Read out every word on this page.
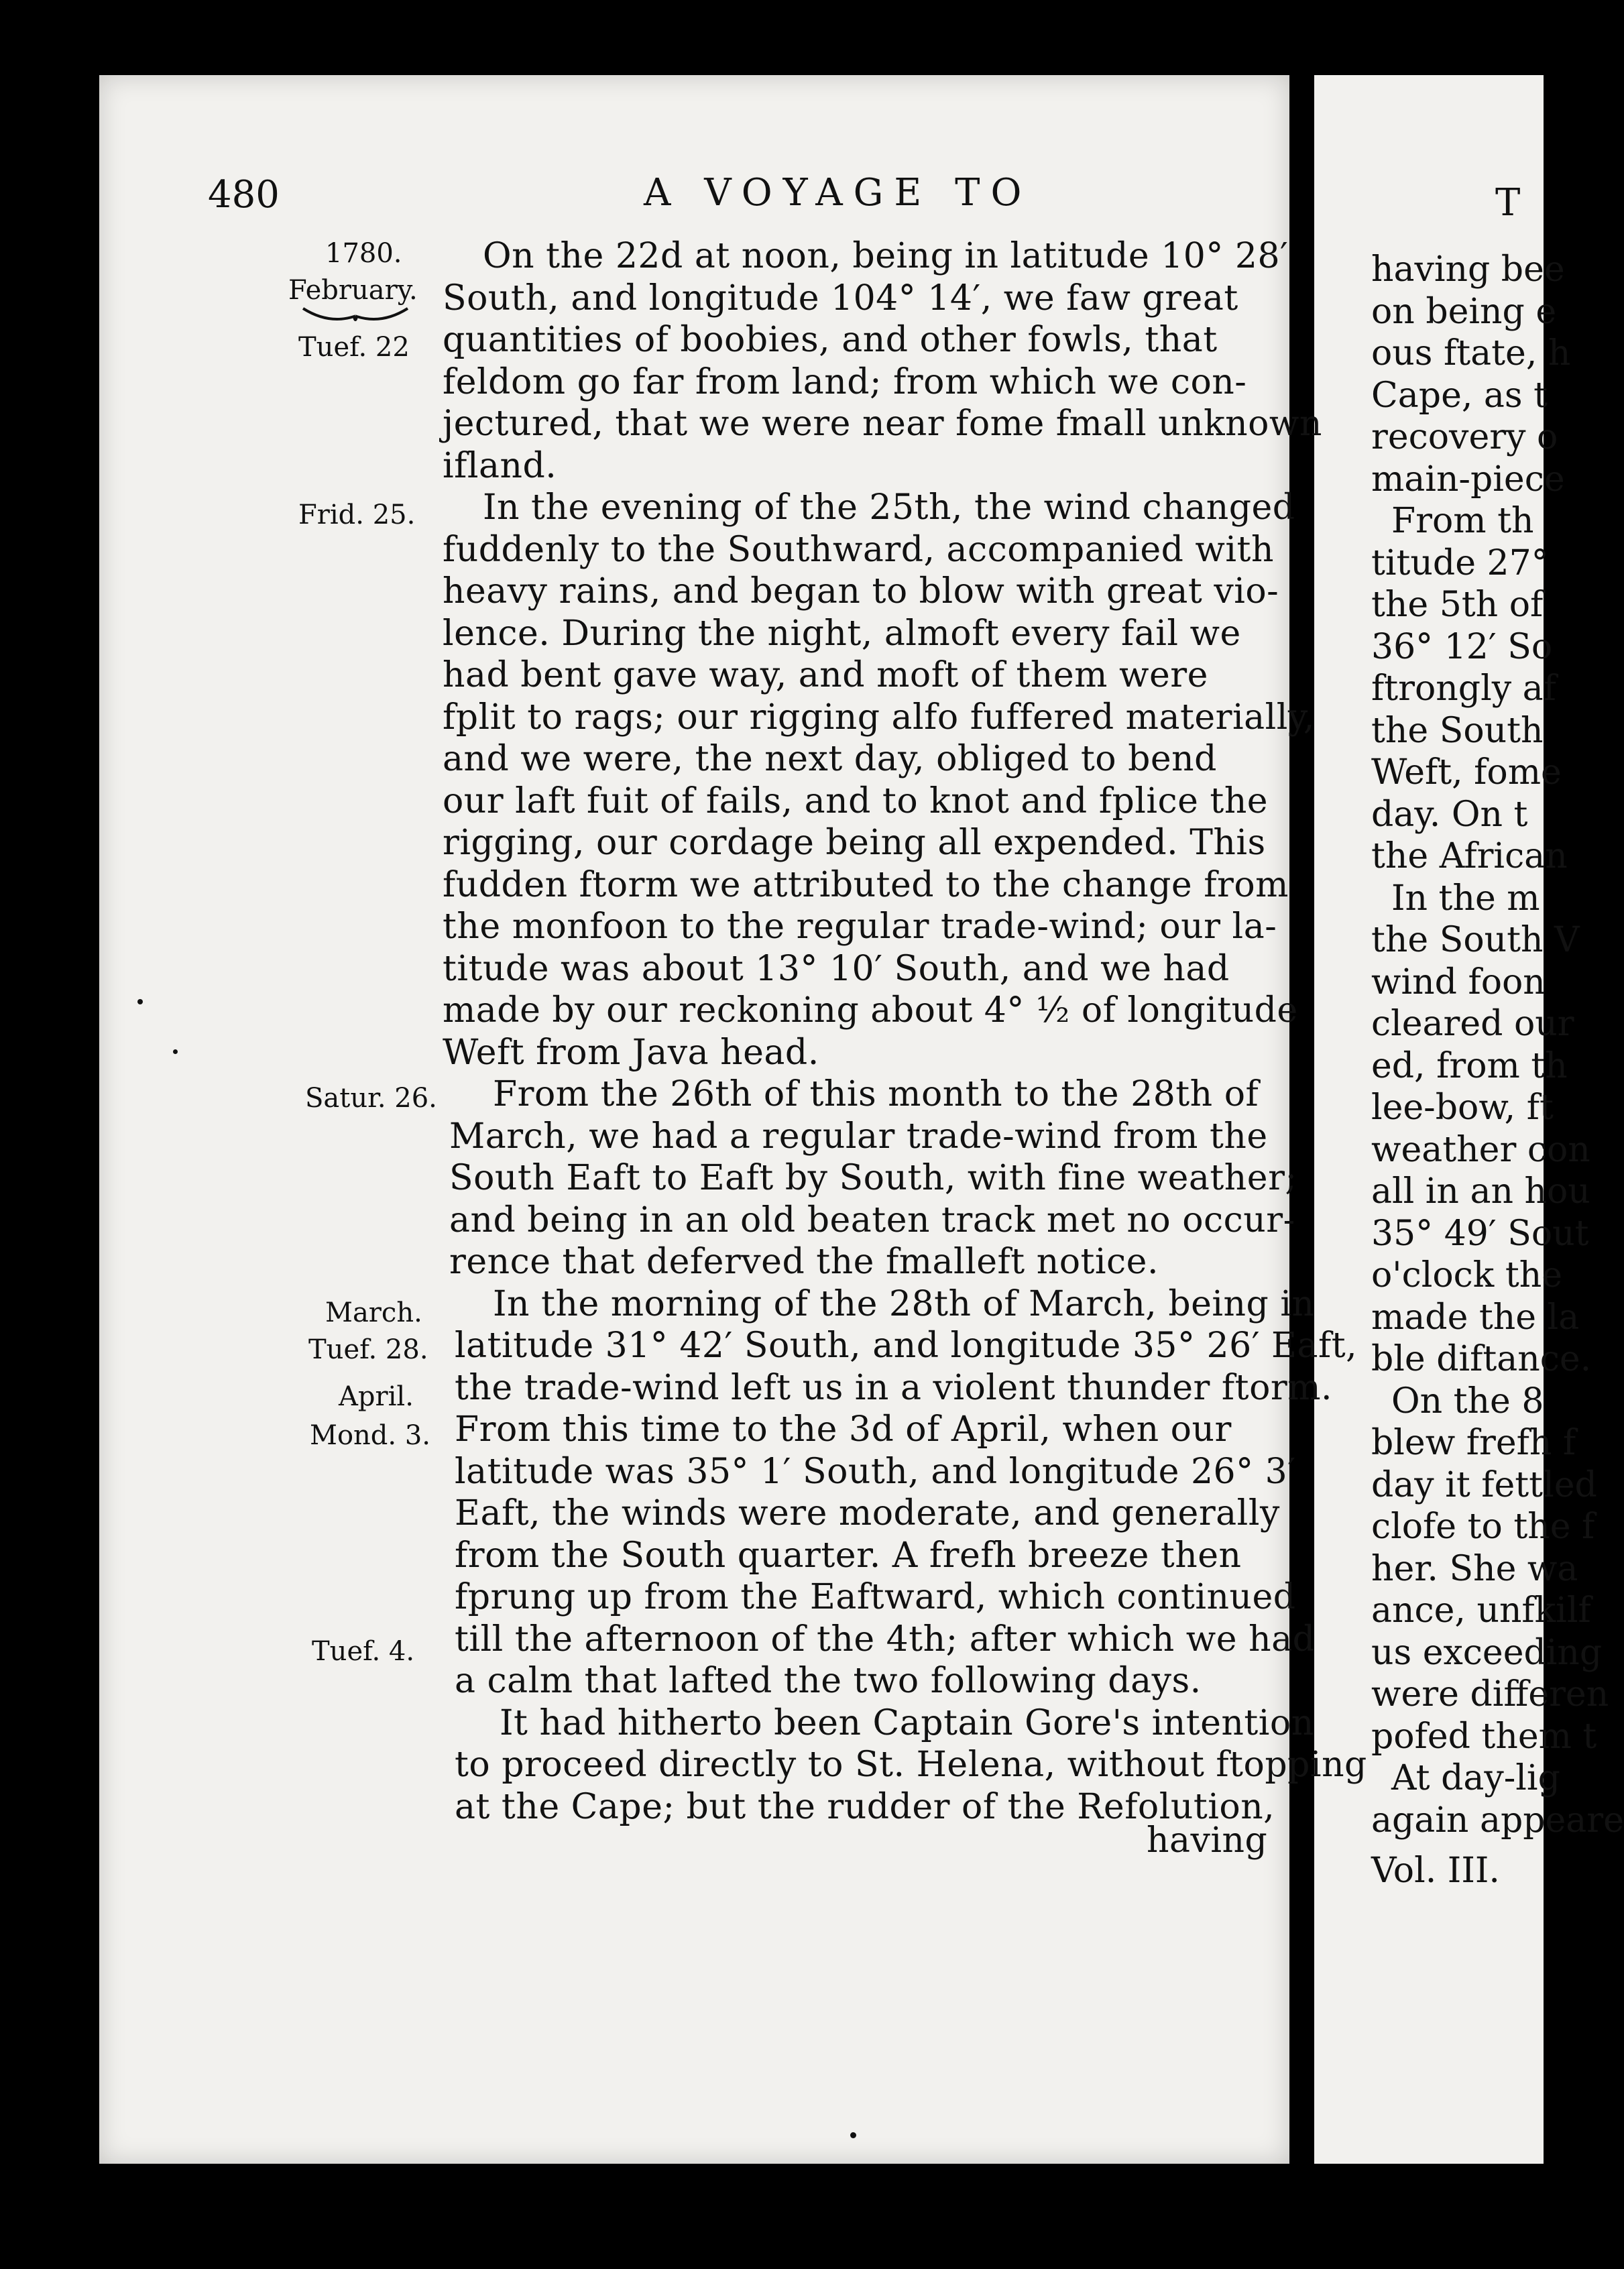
480	A VOYAGE TO
1780.
February.
Tuef. 22
Frid. 25.
Satur. 26.
March.
Tuef. 28.
April.
Mond. 3.
Tuef. 4.
On the 22d at noon, being in latitude 10° 28′
South, and longitude 104° 14′, we faw great
quantities of boobies, and other fowls, that
feldom go far from land; from which we con-
jectured, that we were near fome fmall unknown
ifland.
In the evening of the 25th, the wind changed
fuddenly to the Southward, accompanied with
heavy rains, and began to blow with great vio-
lence. During the night, almoft every fail we
had bent gave way, and moft of them were
fplit to rags; our rigging alfo fuffered materially,
and we were, the next day, obliged to bend
our laft fuit of fails, and to knot and fplice the
rigging, our cordage being all expended. This
fudden ftorm we attributed to the change from
the monfoon to the regular trade-wind; our la-
titude was about 13° 10′ South, and we had
made by our reckoning about 4° ½ of longitude
Weft from Java head.
From the 26th of this month to the 28th of
March, we had a regular trade-wind from the
South Eaft to Eaft by South, with fine weather;
and being in an old beaten track met no occur-
rence that deferved the fmalleft notice.
In the morning of the 28th of March, being in
latitude 31° 42′ South, and longitude 35° 26′ Eaft,
the trade-wind left us in a violent thunder ftorm.
From this time to the 3d of April, when our
latitude was 35° 1′ South, and longitude 26° 3′
Eaft, the winds were moderate, and generally
from the South quarter. A frefh breeze then
fprung up from the Eaftward, which continued
till the afternoon of the 4th; after which we had
a calm that lafted the two following days.
It had hitherto been Captain Gore's intention
to proceed directly to St. Helena, without ftopping
at the Cape; but the rudder of the Refolution,
having
T
having bee
on being e
ous ftate, h
Cape, as t
recovery o
main-piece
From th
titude 27°
the 5th of
36° 12′ So
ftrongly af
the South
Weft, fome
day. On t
the African
In the m
the South V
wind foon
cleared our
ed, from th
lee-bow, ft
weather con
all in an hou
35° 49′ Sout
o'clock the
made the la
ble diftance.
On the 8
blew frefh f
day it fettled
clofe to the f
her. She wa
ance, unfkilf
us exceeding
were differen
pofed them t
At day-lig
again appeare
Vol. III.
